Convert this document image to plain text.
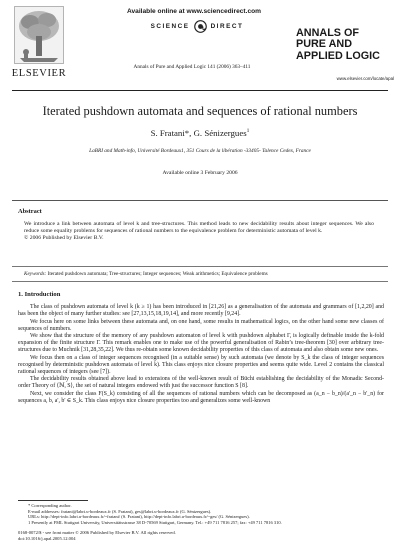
ELSEVIER
Available online at www.sciencedirect.com
SCIENCE	DIRECT
Annals of Pure and Applied Logic 141 (2006) 363–411
ANNALS OF
PURE AND
APPLIED LOGIC
www.elsevier.com/locate/apal
Iterated pushdown automata and sequences of rational numbers
S. Fratani*, G. Sénizergues$^1$
LaBRI and Math-info, Université Bordeaux1, 351 Cours de la libération -33405- Talence Cedex, France
Available online 3 February 2006
Abstract
We introduce a link between automata of level k and tree-structures. This method leads to new decidability results about integer sequences. We also reduce some equality problems for sequences of rational numbers to the equivalence problem for deterministic automata of level k.
© 2006 Published by Elsevier B.V.
Keywords: Iterated pushdown automata; Tree-structures; Integer sequences; Weak arithmetics; Equivalence problems
1. Introduction

The class of pushdown automata of level k (k ≥ 1) has been introduced in [21,26] as a generalisation of the automata and grammars of [1,2,20] and has been the object of many further studies: see [27,13,15,18,19,14], and more recently [9,24].

We focus here on some links between these automata and, on one hand, some results in mathematical logics, on the other hand some new classes of sequences of numbers.

We show that the structure of the memory of any pushdown automaton of level k with pushdown alphabet Γ, is logically definable inside the k-fold expansion of the finite structure Γ. This remark enables one to make use of the powerful generalisation of Rabin’s tree-theorem [30] over arbitrary tree-structures due to Muchnik [31,28,35,22]. We thus re-obtain some known decidability properties of this class of automata and also obtain some new ones.

We focus then on a class of integer sequences recognised (in a suitable sense) by such automata (we denote by S_k the class of integer sequences recognised by deterministic pushdown automata of level k). This class enjoys nice closure properties and seems quite wide. Level 2 contains the classical rational sequences of integers (see [7]).

The decidability results obtained above lead to extensions of the well-known result of Büchi establishing the decidability of the Monadic Second-order Theory of ⟨ℕ, S⟩, the set of natural integers endowed with just the successor function S [8].

Next, we consider the class F(S_k) consisting of all the sequences of rational numbers which can be decomposed as (a_n − b_n)/(a'_n − b'_n) for sequences a, b, a', b' ∈ S_k. This class enjoys nice closure properties too and generalizes some well-known

* Corresponding author.
E-mail addresses: fratani@labri.u-bordeaux.fr (S. Fratani), ges@labri.u-bordeaux.fr (G. Sénizergues).
URLs: http://dept-info.labri.u-bordeaux.fr/~fratani/ (S. Fratani), http://dept-info.labri.u-bordeaux.fr/~ges/ (G. Sénizergues).
1 Presently at FML Stuttgart University, Universitätsstrasse 38 D-70569 Stuttgart, Germany. Tel.: +49 711 7816 257; fax: +49 711 7816 310.
0168-0072/$ - see front matter © 2006 Published by Elsevier B.V. All rights reserved.
doi:10.1016/j.apal.2005.12.004
